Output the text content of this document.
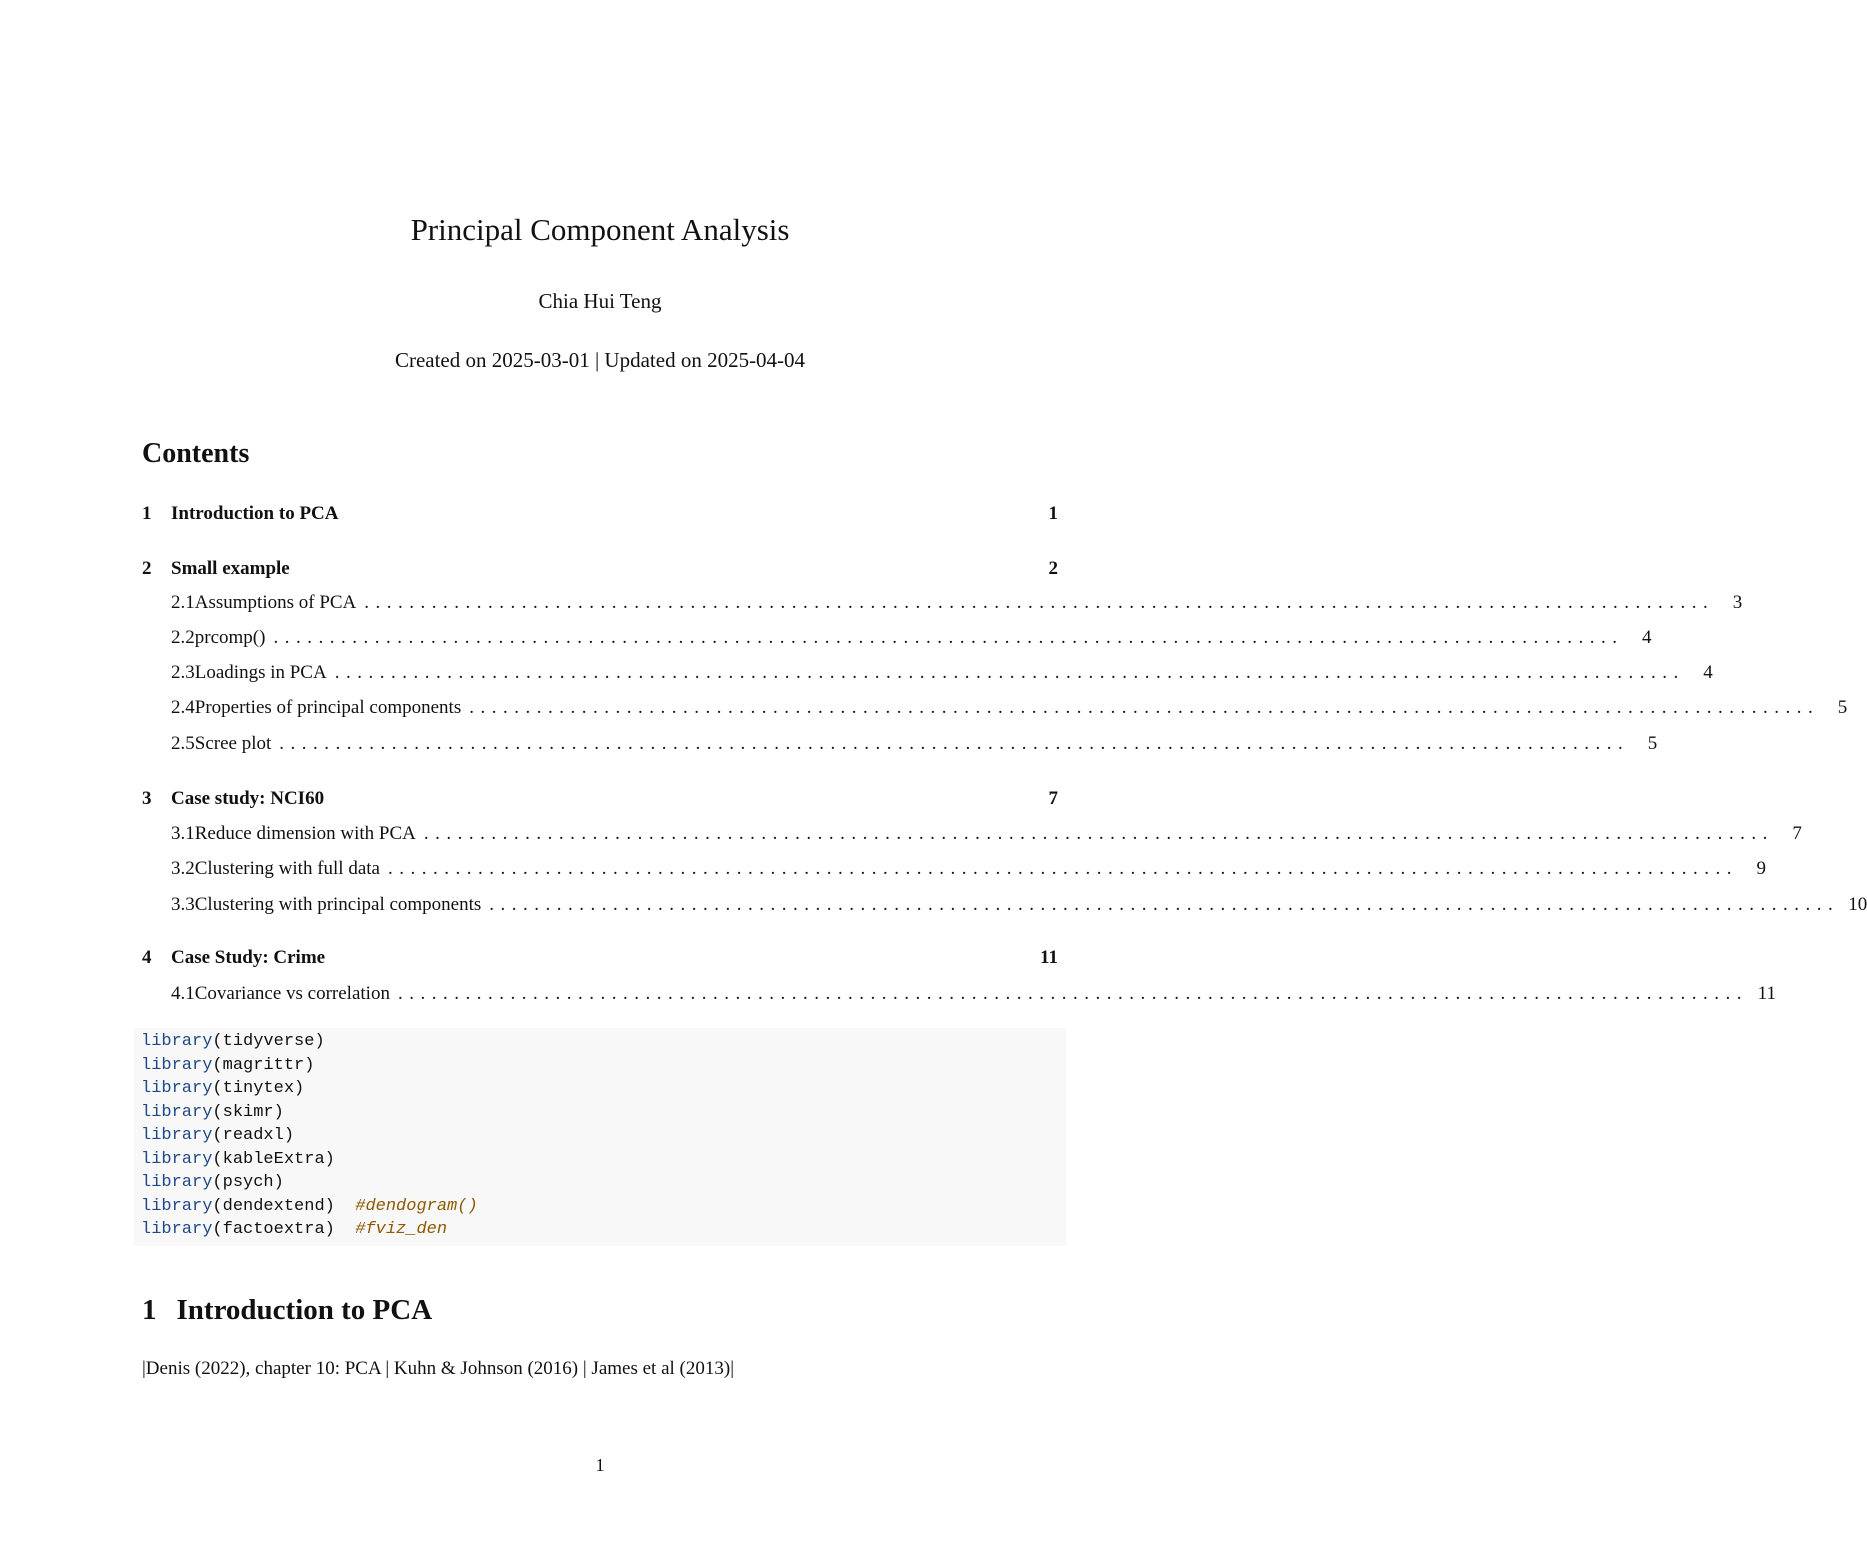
Principal Component Analysis
Chia Hui Teng
Created on 2025-03-01 | Updated on 2025-04-04
Contents
1	Introduction to PCA	1
2	Small example	2
2.1 Assumptions of PCA ........................................................................................................................ 3
2.2 prcomp() ........................................................................................................................ 4
2.3 Loadings in PCA ........................................................................................................................ 4
2.4 Properties of principal components ........................................................................................................................ 5
2.5 Scree plot ........................................................................................................................ 5
3	Case study: NCI60	7
3.1 Reduce dimension with PCA ........................................................................................................................ 7
3.2 Clustering with full data ........................................................................................................................ 9
3.3 Clustering with principal components ........................................................................................................................ 10
4	Case Study: Crime	11
4.1 Covariance vs correlation ........................................................................................................................ 11
library(tidyverse)
library(magrittr)
library(tinytex)
library(skimr)
library(readxl)
library(kableExtra)
library(psych)
library(dendextend)  #dendogram()
library(factoextra)  #fviz_den
1 Introduction to PCA
|Denis (2022), chapter 10: PCA | Kuhn & Johnson (2016) | James et al (2013)|
1
